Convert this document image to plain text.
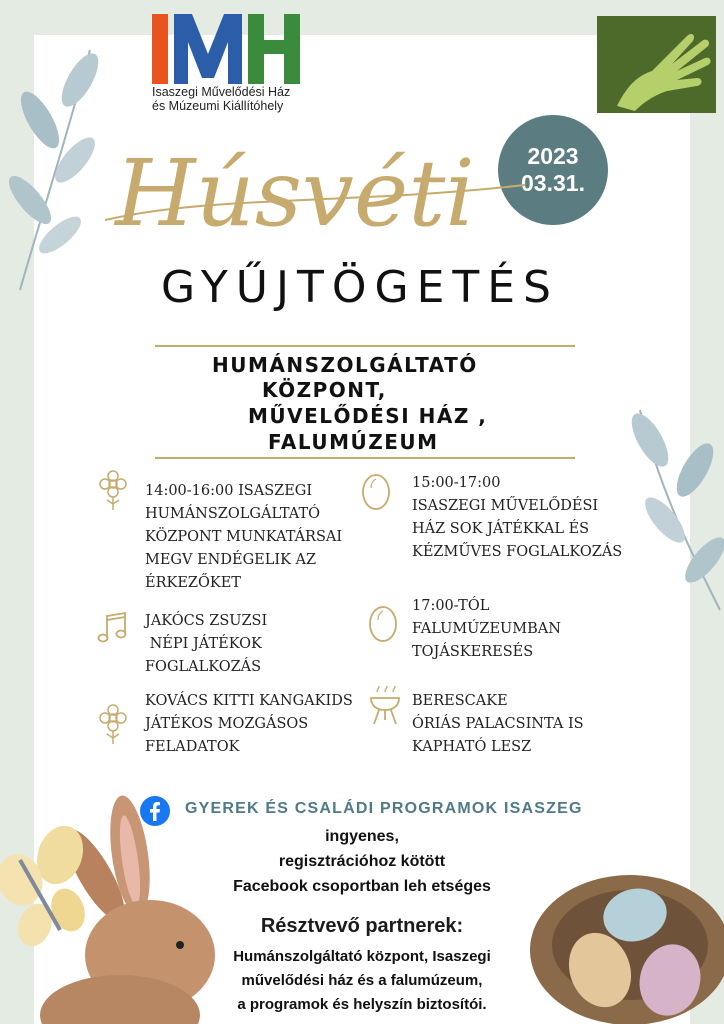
Isaszegi Művelődési Ház
és Múzeumi Kiállítóhely
2023
03.31.
Húsvéti
GYŰJTÖGETÉS
HUMÁNSZOLGÁLTATÓ
KÖZPONT,
MŰVELŐDÉSI HÁZ ,
FALUMÚZEUM
14:00-16:00 ISASZEGI
HUMÁNSZOLGÁLTATÓ
KÖZPONT MUNKATÁRSAI
MEGV ENDÉGELIK AZ
ÉRKEZŐKET
15:00-17:00
ISASZEGI MŰVELŐDÉSI
HÁZ SOK JÁTÉKKAL ÉS
KÉZMŰVES FOGLALKOZÁS
JAKÓCS ZSUZSI
NÉPI JÁTÉKOK
FOGLALKOZÁS
17:00-TÓL
FALUMÚZEUMBAN
TOJÁSKERESÉS
KOVÁCS KITTI KANGAKIDS
JÁTÉKOS MOZGÁSOS
FELADATOK
BERESCAKE
ÓRIÁS PALACSINTA IS
KAPHATÓ LESZ
GYEREK ÉS CSALÁDI PROGRAMOK ISASZEG
ingyenes,
regisztrációhoz kötött
Facebook csoportban leh etséges
Résztvevő partnerek:
Humánszolgáltató központ, Isaszegi
művelődési ház és a falumúzeum,
a programok és helyszín biztosítói.
